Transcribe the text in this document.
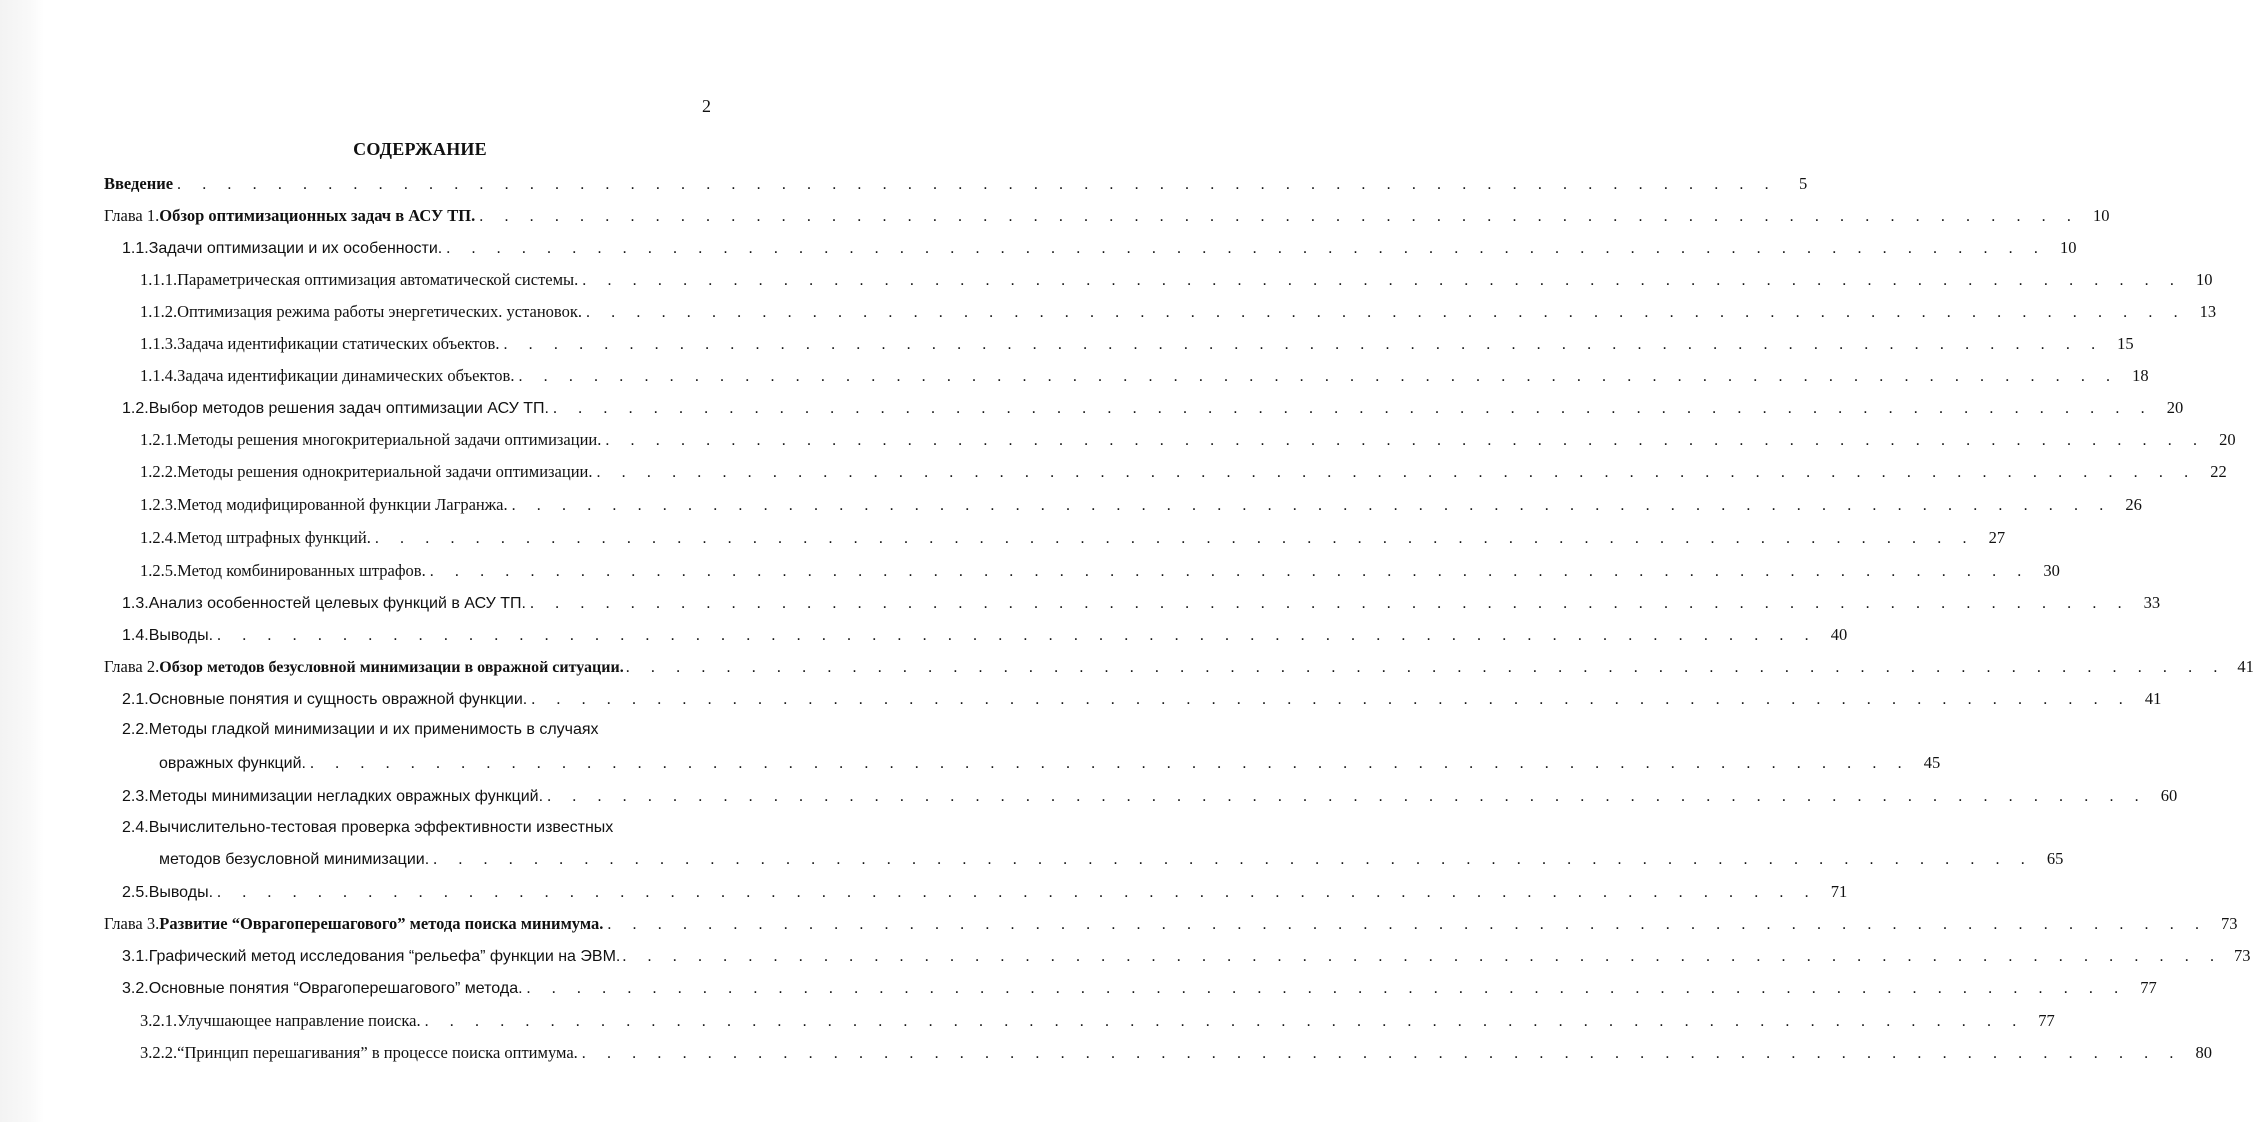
2
СОДЕРЖАНИЕ
Введение . . . . . . . . . . . . . . . . . . . . . . . . . . . . . . . . . . . . . . . . . . . . . . . . . . . . . . . . . . . . . . . .	5
Глава 1. Обзор оптимизационных задач в АСУ ТП. . . . . . . . . . . . . . . . . . . . . . . . . . . . . . . . . . . . . . . . . . . . . . . . . . . . . . . . . . . . . . . . . 10
1.1. Задачи оптимизации и их особенности. . . . . . . . . . . . . . . . . . . . . . . . . . . . . . . . . . . . . . . . . . . . . . . . . . . . . . . . . . . . . . . . . 10
1.1.1. Параметрическая оптимизация автоматической системы. . . . . . . . . . . . . . . . . . . . . . . . . . . . . . . . . . . . . . . . . . . . . . . . . . . . . . . . . . . . . . . . . 10
1.1.2. Оптимизация режима работы энергетических. установок. . . . . . . . . . . . . . . . . . . . . . . . . . . . . . . . . . . . . . . . . . . . . . . . . . . . . . . . . . . . . . . . . 13
1.1.3. Задача идентификации статических объектов. . . . . . . . . . . . . . . . . . . . . . . . . . . . . . . . . . . . . . . . . . . . . . . . . . . . . . . . . . . . . . . . . 15
1.1.4. Задача идентификации динамических объектов. . . . . . . . . . . . . . . . . . . . . . . . . . . . . . . . . . . . . . . . . . . . . . . . . . . . . . . . . . . . . . . . . 18
1.2. Выбор методов решения задач оптимизации АСУ ТП. . . . . . . . . . . . . . . . . . . . . . . . . . . . . . . . . . . . . . . . . . . . . . . . . . . . . . . . . . . . . . . . . 20
1.2.1. Методы решения многокритериальной задачи оптимизации. . . . . . . . . . . . . . . . . . . . . . . . . . . . . . . . . . . . . . . . . . . . . . . . . . . . . . . . . . . . . . . . . 20
1.2.2. Методы решения однокритериальной задачи оптимизации. . . . . . . . . . . . . . . . . . . . . . . . . . . . . . . . . . . . . . . . . . . . . . . . . . . . . . . . . . . . . . . . . 22
1.2.3. Метод модифицированной функции Лагранжа. . . . . . . . . . . . . . . . . . . . . . . . . . . . . . . . . . . . . . . . . . . . . . . . . . . . . . . . . . . . . . . . . 26
1.2.4. Метод штрафных функций. . . . . . . . . . . . . . . . . . . . . . . . . . . . . . . . . . . . . . . . . . . . . . . . . . . . . . . . . . . . . . . . . 27
1.2.5. Метод комбинированных штрафов. . . . . . . . . . . . . . . . . . . . . . . . . . . . . . . . . . . . . . . . . . . . . . . . . . . . . . . . . . . . . . . . . 30
1.3. Анализ особенностей целевых функций в АСУ ТП. . . . . . . . . . . . . . . . . . . . . . . . . . . . . . . . . . . . . . . . . . . . . . . . . . . . . . . . . . . . . . . . . 33
1.4. Выводы. . . . . . . . . . . . . . . . . . . . . . . . . . . . . . . . . . . . . . . . . . . . . . . . . . . . . . . . . . . . . . . . . 40
Глава 2. Обзор методов безусловной минимизации в овражной ситуации. . . . . . . . . . . . . . . . . . . . . . . . . . . . . . . . . . . . . . . . . . . . . . . . . . . . . . . . . . . . . . . . . 41
2.1. Основные понятия и сущность овражной функции. . . . . . . . . . . . . . . . . . . . . . . . . . . . . . . . . . . . . . . . . . . . . . . . . . . . . . . . . . . . . . . . . 41
2.2. Методы гладкой минимизации и их применимость в случаях
овражных функций. . . . . . . . . . . . . . . . . . . . . . . . . . . . . . . . . . . . . . . . . . . . . . . . . . . . . . . . . . . . . . . . . 45
2.3. Методы минимизации негладких овражных функций. . . . . . . . . . . . . . . . . . . . . . . . . . . . . . . . . . . . . . . . . . . . . . . . . . . . . . . . . . . . . . . . . 60
2.4. Вычислительно-тестовая проверка эффективности известных
методов безусловной минимизации. . . . . . . . . . . . . . . . . . . . . . . . . . . . . . . . . . . . . . . . . . . . . . . . . . . . . . . . . . . . . . . . . 65
2.5. Выводы. . . . . . . . . . . . . . . . . . . . . . . . . . . . . . . . . . . . . . . . . . . . . . . . . . . . . . . . . . . . . . . . . 71
Глава 3. Развитие “Оврагоперешагового” метода поиска минимума. . . . . . . . . . . . . . . . . . . . . . . . . . . . . . . . . . . . . . . . . . . . . . . . . . . . . . . . . . . . . . . . . 73
3.1. Графический метод исследования “рельефа” функции на ЭВМ. . . . . . . . . . . . . . . . . . . . . . . . . . . . . . . . . . . . . . . . . . . . . . . . . . . . . . . . . . . . . . . . . 73
3.2. Основные понятия “Оврагоперешагового” метода. . . . . . . . . . . . . . . . . . . . . . . . . . . . . . . . . . . . . . . . . . . . . . . . . . . . . . . . . . . . . . . . . 77
3.2.1. Улучшающее направление поиска. . . . . . . . . . . . . . . . . . . . . . . . . . . . . . . . . . . . . . . . . . . . . . . . . . . . . . . . . . . . . . . . . 77
3.2.2. “Принцип перешагивания” в процессе поиска оптимума. . . . . . . . . . . . . . . . . . . . . . . . . . . . . . . . . . . . . . . . . . . . . . . . . . . . . . . . . . . . . . . . . 80
